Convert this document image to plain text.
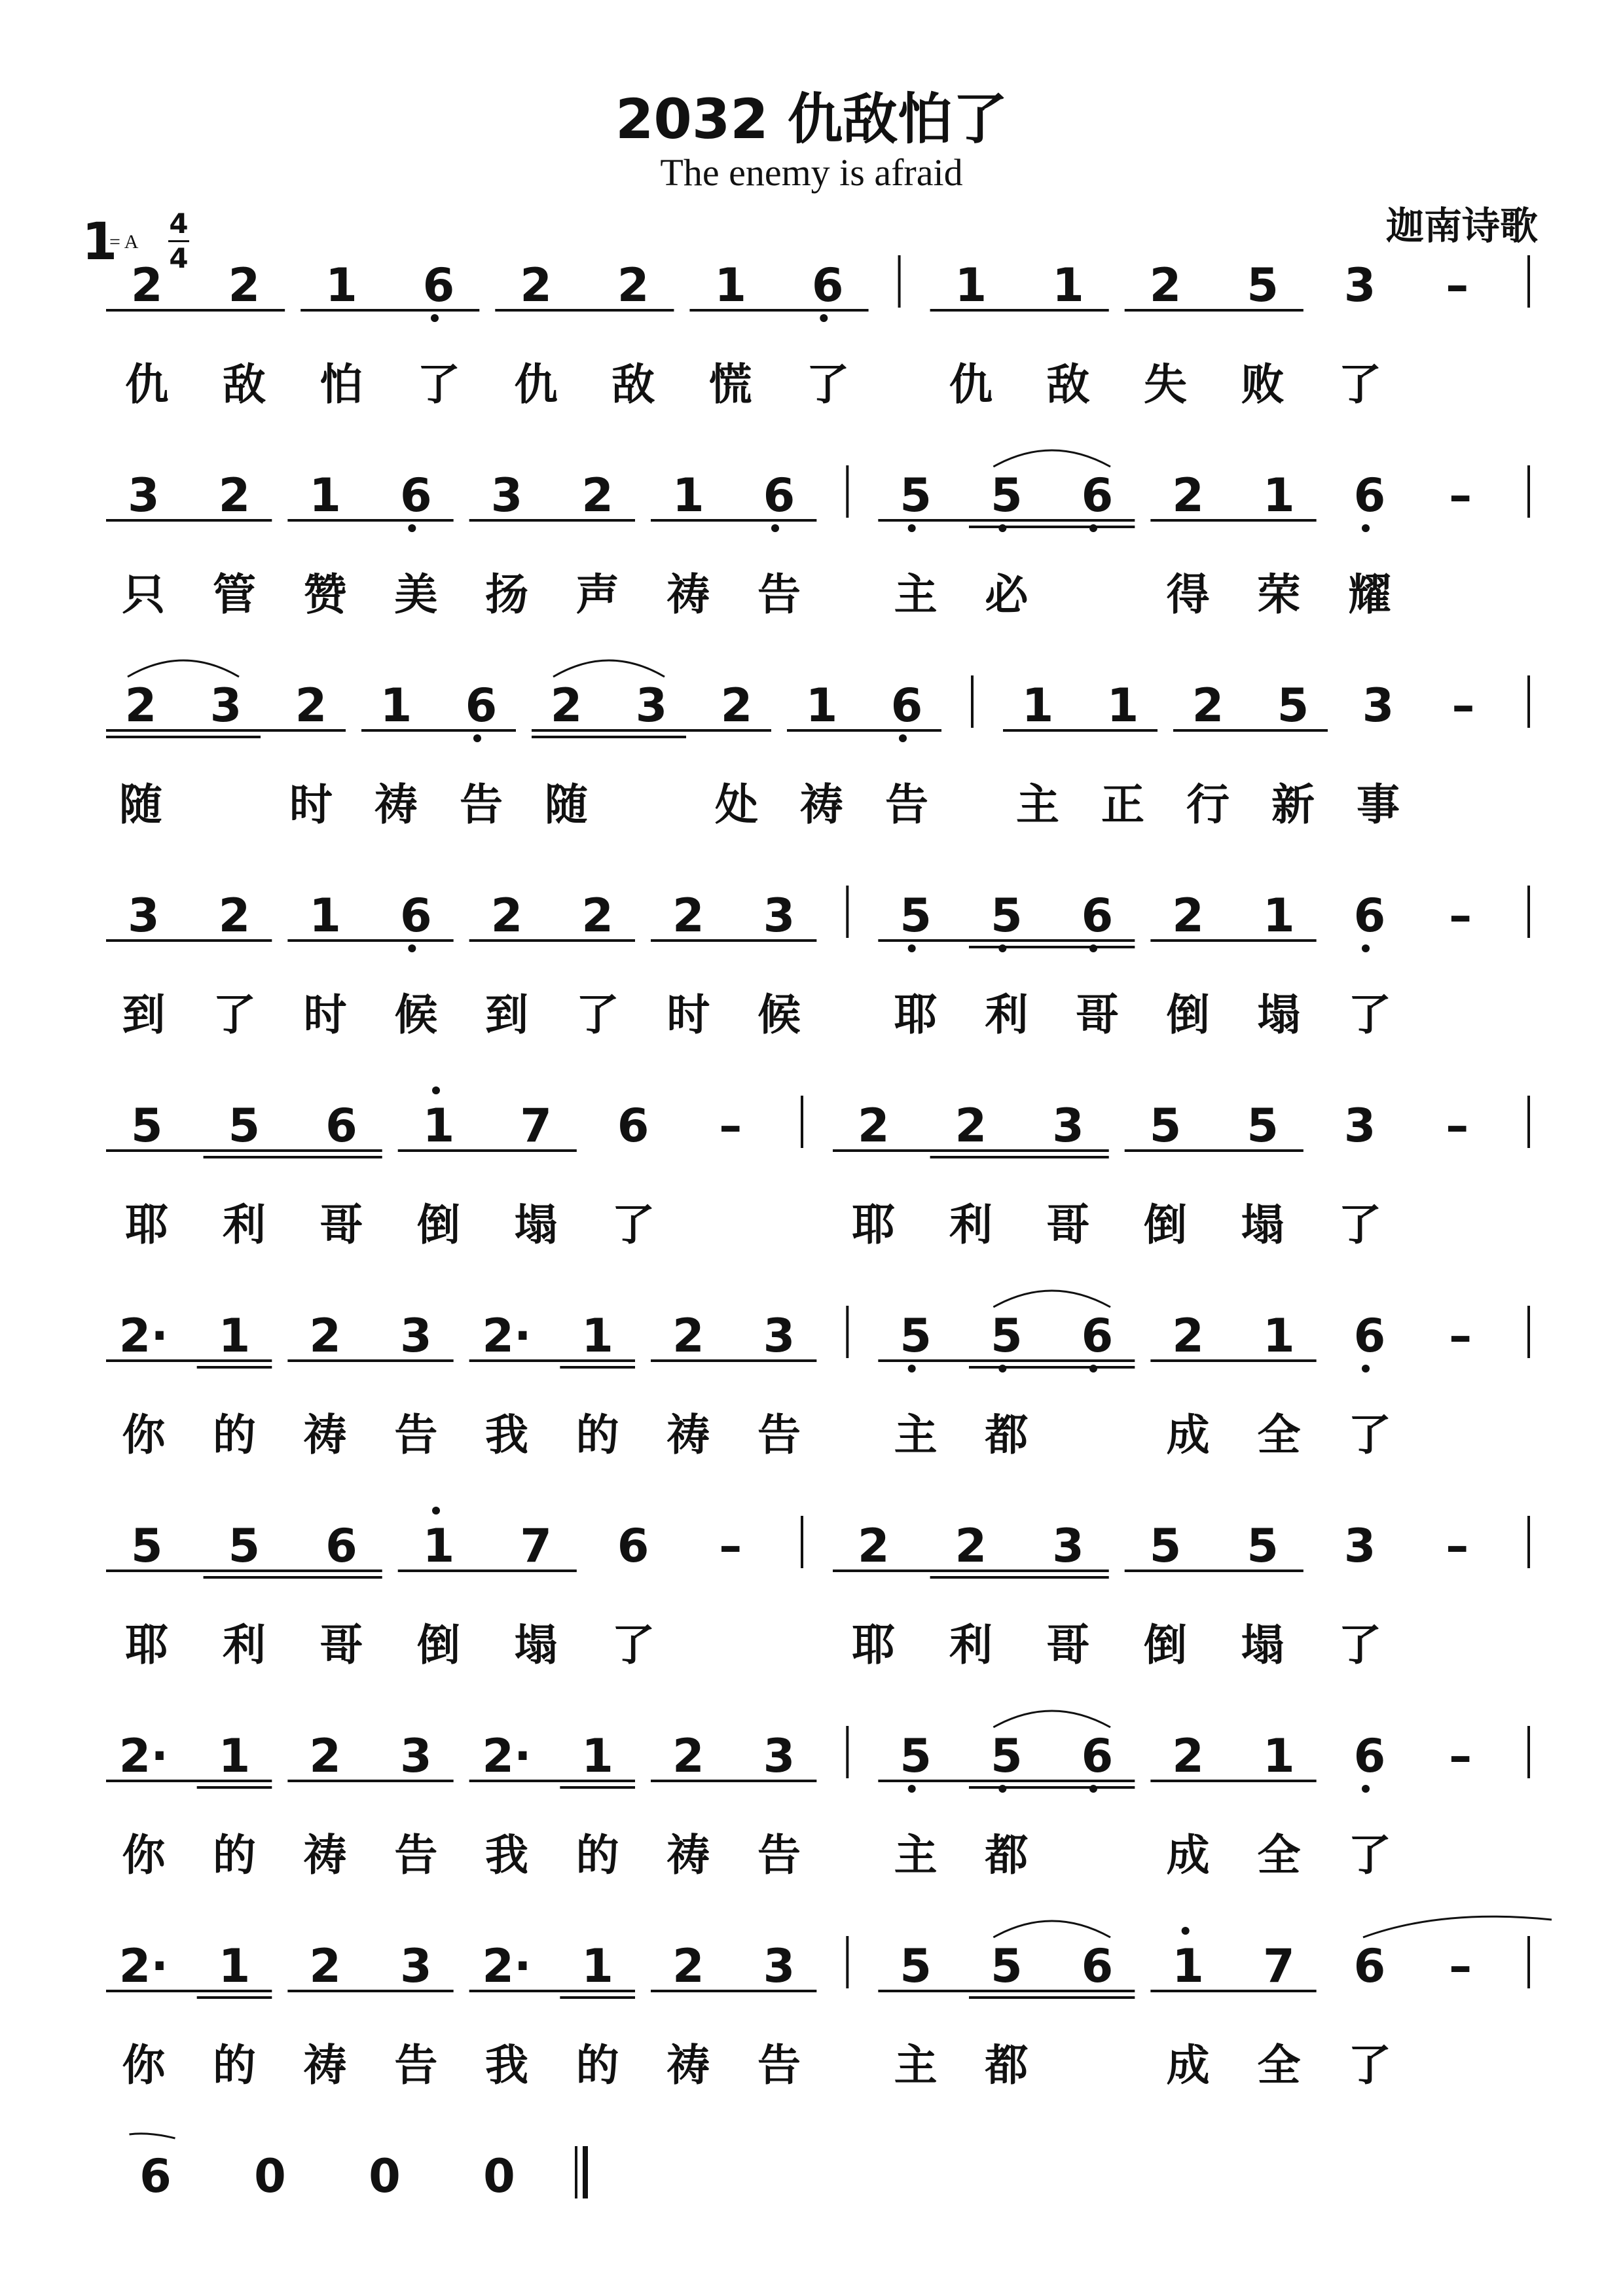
2032 仇敌怕了
The enemy is afraid
迦南诗歌
1
= A
4
4
2 2 1 6 2 2 1 6 1 1 2 5 3 –
仇 敌 怕 了 仇 敌 慌 了 仇 敌 失 败 了
3 2 1 6 3 2 1 6 5 5 6 2 1 6 –
只 管 赞 美 扬 声 祷 告 主 必	得 荣 耀
2 3 2 1 6 2 3 2 1 6 1 1 2 5 3 –
随	时 祷 告 随	处 祷 告 主 正 行 新 事
3 2 1 6 2 2 2 3 5 5 6 2 1 6 –
到 了 时 候 到 了 时 候 耶 利 哥 倒 塌 了
5 5 6 1 7 6 –	2 2 3 5 5 3 –
耶 利 哥 倒 塌 了	耶 利 哥 倒 塌 了
2· 1 2 3 2· 1 2 3 5 5 6 2 1 6 –
你 的 祷 告 我 的 祷 告 主 都	成 全 了
5 5 6 1 7 6 –	2 2 3 5 5 3 –
耶 利 哥 倒 塌 了	耶 利 哥 倒 塌 了
2· 1 2 3 2· 1 2 3 5 5 6 2 1 6 –
你 的 祷 告 我 的 祷 告 主 都	成 全 了
2· 1 2 3 2· 1 2 3 5 5 6 1 7 6 –
你 的 祷 告 我 的 祷 告 主 都	成 全 了
6 0 0 0
